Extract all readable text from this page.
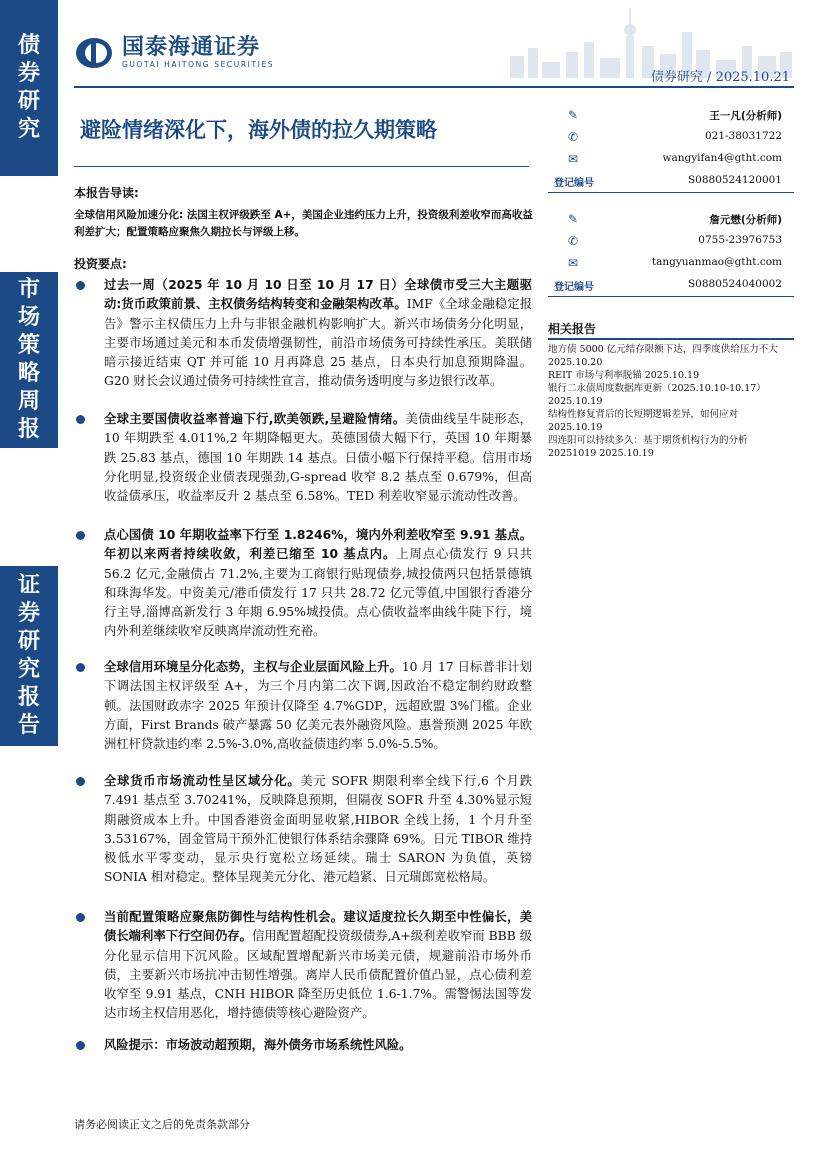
债
券
研
究
市
场
策
略
周
报
证
券
研
究
报
告
国泰海通证券
GUOTAI HAITONG SECURITIES
债券研究 / 2025.10.21
避险情绪深化下，海外债的拉久期策略
✎	王一凡(分析师)
✆	021-38031722
✉	wangyifan4@gtht.com
登记编号	S0880524120001
✎	詹元懋(分析师)
✆	0755-23976753
✉	tangyuanmao@gtht.com
登记编号	S0880524040002
相关报告
地方债 5000 亿元结存限额下达，四季度供给压力不大 2025.10.20
REIT 市场与利率脱锚 2025.10.19
银行二永债周度数据库更新（2025.10.10-10.17）2025.10.19
结构性修复背后的长短期逻辑差异，如何应对 2025.10.19
四连阳可以持续多久：基于期货机构行为的分析 20251019 2025.10.19
本报告导读:
全球信用风险加速分化: 法国主权评级跌至 A+，美国企业违约压力上升，投资级利差收窄而高收益利差扩大；配置策略应聚焦久期拉长与评级上移。
投资要点:
过去一周（2025 年 10 月 10 日至 10 月 17 日）全球债市受三大主题驱动:货币政策前景、主权债务结构转变和金融架构改革。IMF《全球金融稳定报告》警示主权债压力上升与非银金融机构影响扩大。新兴市场债务分化明显，主要市场通过美元和本币发债增强韧性，前沿市场债务可持续性承压。美联储暗示接近结束 QT 并可能 10 月再降息 25 基点，日本央行加息预期降温。G20 财长会议通过债务可持续性宣言，推动债务透明度与多边银行改革。
全球主要国债收益率普遍下行,欧美领跌,呈避险情绪。美债曲线呈牛陡形态，10 年期跌至 4.011%,2 年期降幅更大。英德国债大幅下行，英国 10 年期暴跌 25.83 基点，德国 10 年期跌 14 基点。日债小幅下行保持平稳。信用市场分化明显,投资级企业债表现强劲,G-spread 收窄 8.2 基点至 0.679%，但高收益债承压，收益率反升 2 基点至 6.58%。TED 利差收窄显示流动性改善。
点心国债 10 年期收益率下行至 1.8246%，境内外利差收窄至 9.91 基点。年初以来两者持续收敛，利差已缩至 10 基点内。上周点心债发行 9 只共 56.2 亿元,金融债占 71.2%,主要为工商银行贴现债券,城投债两只包括景德镇和珠海华发。中资美元/港币债发行 17 只共 28.72 亿元等值,中国银行香港分行主导,淄博高新发行 3 年期 6.95%城投债。点心债收益率曲线牛陡下行，境内外利差继续收窄反映离岸流动性充裕。
全球信用环境呈分化态势，主权与企业层面风险上升。10 月 17 日标普非计划下调法国主权评级至 A+，为三个月内第二次下调,因政治不稳定制约财政整顿。法国财政赤字 2025 年预计仅降至 4.7%GDP，远超欧盟 3%门槛。企业方面，First Brands 破产暴露 50 亿美元表外融资风险。惠誉预测 2025 年欧洲杠杆贷款违约率 2.5%-3.0%,高收益债违约率 5.0%-5.5%。
全球货币市场流动性呈区域分化。美元 SOFR 期限利率全线下行,6 个月跌 7.491 基点至 3.70241%，反映降息预期，但隔夜 SOFR 升至 4.30%显示短期融资成本上升。中国香港资金面明显收紧,HIBOR 全线上扬，1 个月升至 3.53167%，固金管局干预外汇使银行体系结余骤降 69%。日元 TIBOR 维持极低水平零变动，显示央行宽松立场延续。瑞士 SARON 为负值，英镑 SONIA 相对稳定。整体呈现美元分化、港元趋紧、日元瑞郎宽松格局。
当前配置策略应聚焦防御性与结构性机会。建议适度拉长久期至中性偏长，美债长端利率下行空间仍存。信用配置超配投资级债券,A+级利差收窄而 BBB 级分化显示信用下沉风险。区域配置增配新兴市场美元债，规避前沿市场外币债，主要新兴市场抗冲击韧性增强。离岸人民币债配置价值凸显，点心债利差收窄至 9.91 基点，CNH HIBOR 降至历史低位 1.6-1.7%。需警惕法国等发达市场主权信用恶化，增持德债等核心避险资产。
风险提示：市场波动超预期，海外债务市场系统性风险。
请务必阅读正文之后的免责条款部分
